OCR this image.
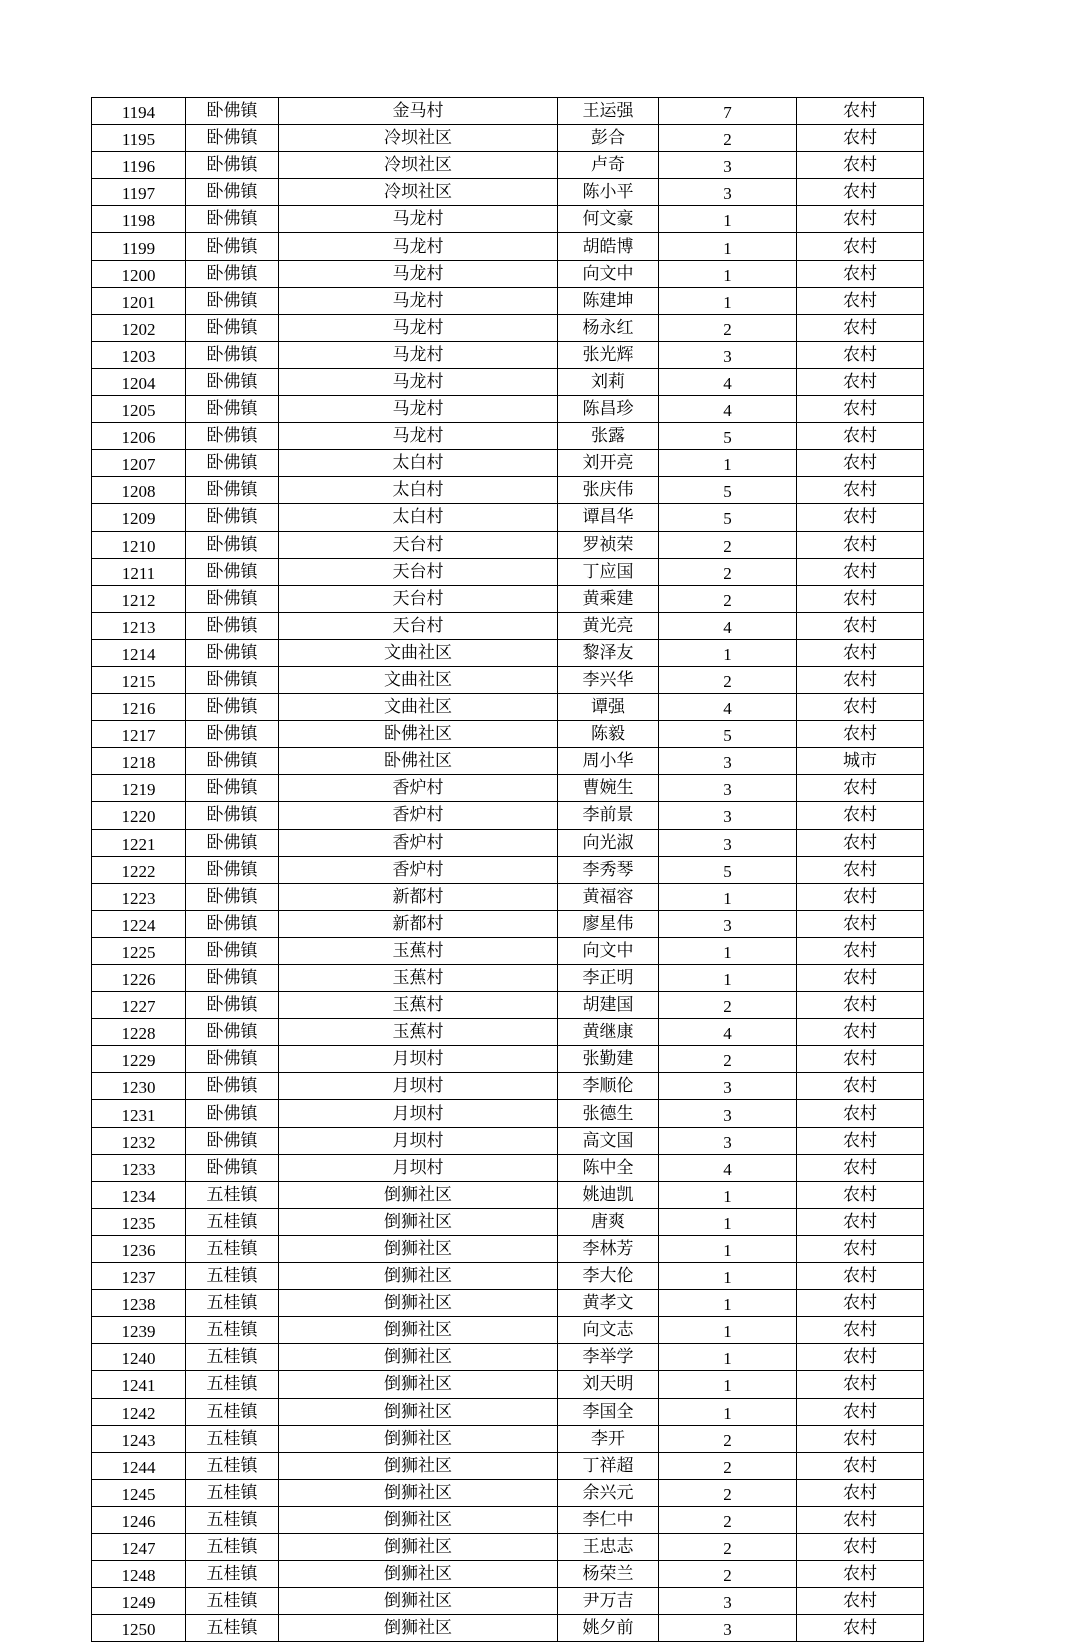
1194	卧佛镇	金马村	王运强	7	农村
1195	卧佛镇	冷坝社区	彭合	2	农村
1196	卧佛镇	冷坝社区	卢奇	3	农村
1197	卧佛镇	冷坝社区	陈小平	3	农村
1198	卧佛镇	马龙村	何文豪	1	农村
1199	卧佛镇	马龙村	胡皓博	1	农村
1200	卧佛镇	马龙村	向文中	1	农村
1201	卧佛镇	马龙村	陈建坤	1	农村
1202	卧佛镇	马龙村	杨永红	2	农村
1203	卧佛镇	马龙村	张光辉	3	农村
1204	卧佛镇	马龙村	刘莉	4	农村
1205	卧佛镇	马龙村	陈昌珍	4	农村
1206	卧佛镇	马龙村	张露	5	农村
1207	卧佛镇	太白村	刘开亮	1	农村
1208	卧佛镇	太白村	张庆伟	5	农村
1209	卧佛镇	太白村	谭昌华	5	农村
1210	卧佛镇	天台村	罗祯荣	2	农村
1211	卧佛镇	天台村	丁应国	2	农村
1212	卧佛镇	天台村	黄乘建	2	农村
1213	卧佛镇	天台村	黄光亮	4	农村
1214	卧佛镇	文曲社区	黎泽友	1	农村
1215	卧佛镇	文曲社区	李兴华	2	农村
1216	卧佛镇	文曲社区	谭强	4	农村
1217	卧佛镇	卧佛社区	陈毅	5	农村
1218	卧佛镇	卧佛社区	周小华	3	城市
1219	卧佛镇	香炉村	曹婉生	3	农村
1220	卧佛镇	香炉村	李前景	3	农村
1221	卧佛镇	香炉村	向光淑	3	农村
1222	卧佛镇	香炉村	李秀琴	5	农村
1223	卧佛镇	新都村	黄福容	1	农村
1224	卧佛镇	新都村	廖星伟	3	农村
1225	卧佛镇	玉蕉村	向文中	1	农村
1226	卧佛镇	玉蕉村	李正明	1	农村
1227	卧佛镇	玉蕉村	胡建国	2	农村
1228	卧佛镇	玉蕉村	黄继康	4	农村
1229	卧佛镇	月坝村	张勤建	2	农村
1230	卧佛镇	月坝村	李顺伦	3	农村
1231	卧佛镇	月坝村	张德生	3	农村
1232	卧佛镇	月坝村	高文国	3	农村
1233	卧佛镇	月坝村	陈中全	4	农村
1234	五桂镇	倒狮社区	姚迪凯	1	农村
1235	五桂镇	倒狮社区	唐爽	1	农村
1236	五桂镇	倒狮社区	李林芳	1	农村
1237	五桂镇	倒狮社区	李大伦	1	农村
1238	五桂镇	倒狮社区	黄孝文	1	农村
1239	五桂镇	倒狮社区	向文志	1	农村
1240	五桂镇	倒狮社区	李举学	1	农村
1241	五桂镇	倒狮社区	刘天明	1	农村
1242	五桂镇	倒狮社区	李国全	1	农村
1243	五桂镇	倒狮社区	李开	2	农村
1244	五桂镇	倒狮社区	丁祥超	2	农村
1245	五桂镇	倒狮社区	余兴元	2	农村
1246	五桂镇	倒狮社区	李仁中	2	农村
1247	五桂镇	倒狮社区	王忠志	2	农村
1248	五桂镇	倒狮社区	杨荣兰	2	农村
1249	五桂镇	倒狮社区	尹万吉	3	农村
1250	五桂镇	倒狮社区	姚夕前	3	农村
